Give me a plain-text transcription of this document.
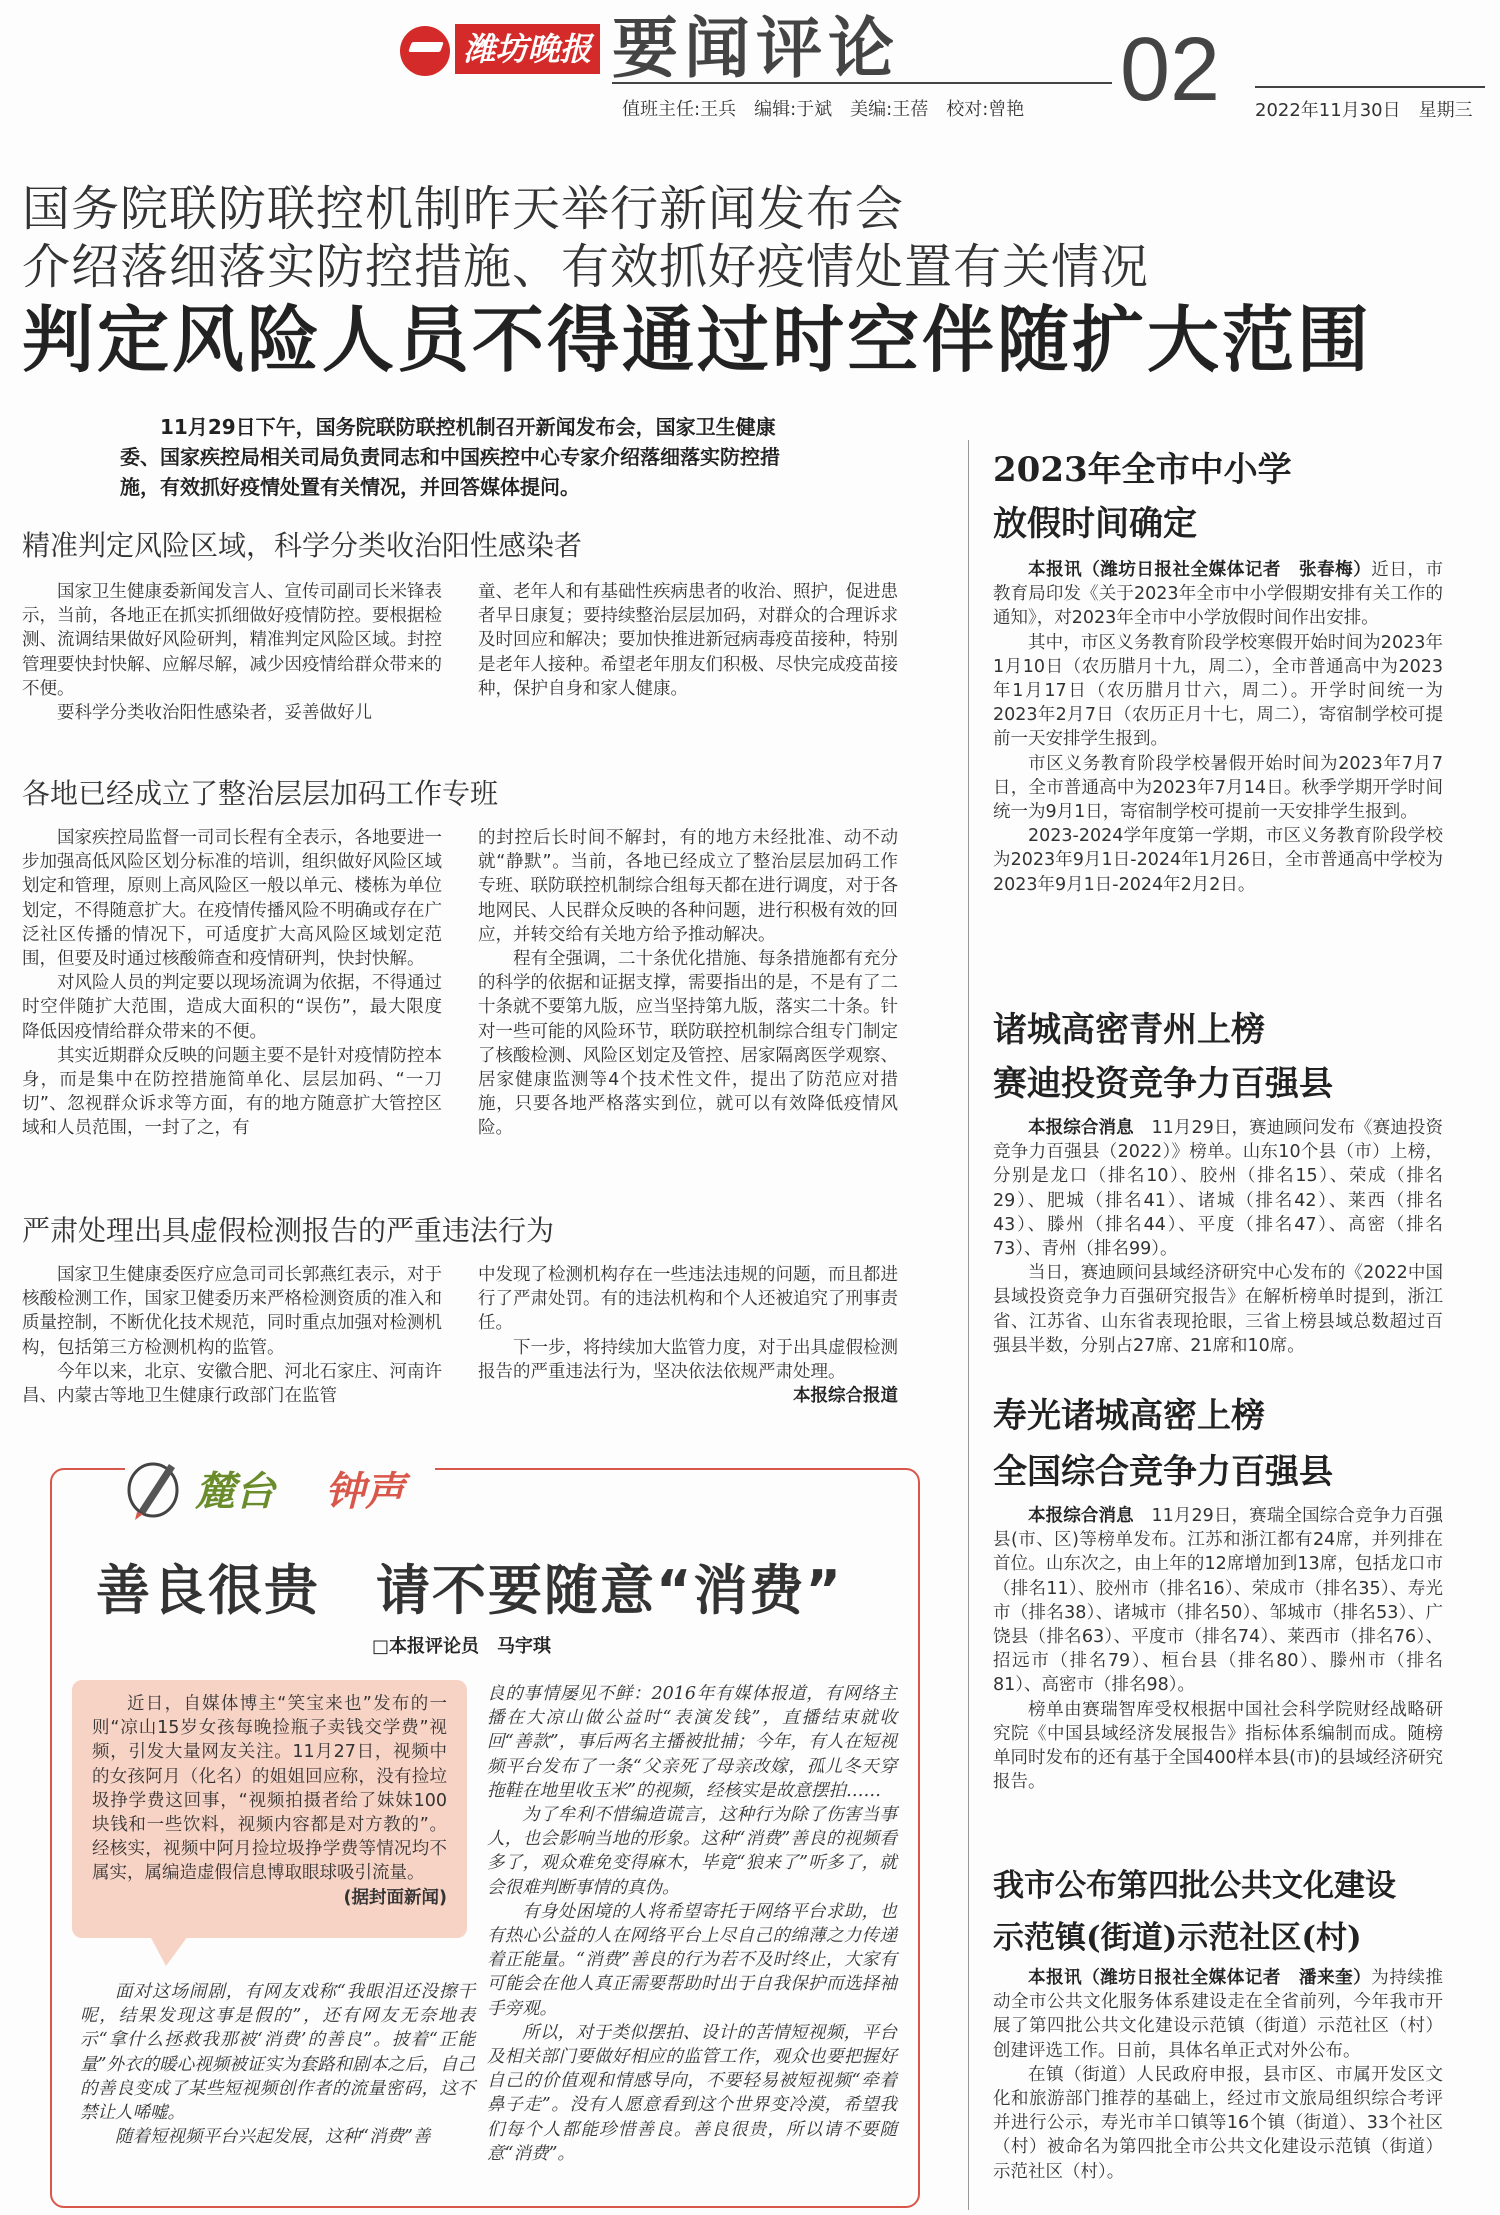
潍坊晚报 要闻评论
值班主任:王兵　编辑:于斌　美编:王蓓　校对:曾艳 02 2022年11月30日　星期三
国务院联防联控机制昨天举行新闻发布会
介绍落细落实防控措施、有效抓好疫情处置有关情况
判定风险人员不得通过时空伴随扩大范围
11月29日下午，国务院联防联控机制召开新闻发布会，国家卫生健康委、国家疾控局相关司局负责同志和中国疾控中心专家介绍落细落实防控措施，有效抓好疫情处置有关情况，并回答媒体提问。
精准判定风险区域，科学分类收治阳性感染者

国家卫生健康委新闻发言人、宣传司副司长米锋表示，当前，各地正在抓实抓细做好疫情防控。要根据检测、流调结果做好风险研判，精准判定风险区域。封控管理要快封快解、应解尽解，减少因疫情给群众带来的不便。

要科学分类收治阳性感染者，妥善做好儿

童、老年人和有基础性疾病患者的收治、照护，促进患者早日康复；要持续整治层层加码，对群众的合理诉求及时回应和解决；要加快推进新冠病毒疫苗接种，特别是老年人接种。希望老年朋友们积极、尽快完成疫苗接种，保护自身和家人健康。

各地已经成立了整治层层加码工作专班

国家疾控局监督一司司长程有全表示，各地要进一步加强高低风险区划分标准的培训，组织做好风险区域划定和管理，原则上高风险区一般以单元、楼栋为单位划定，不得随意扩大。在疫情传播风险不明确或存在广泛社区传播的情况下，可适度扩大高风险区域划定范围，但要及时通过核酸筛查和疫情研判，快封快解。

对风险人员的判定要以现场流调为依据，不得通过时空伴随扩大范围，造成大面积的“误伤”，最大限度降低因疫情给群众带来的不便。

其实近期群众反映的问题主要不是针对疫情防控本身，而是集中在防控措施简单化、层层加码、“一刀切”、忽视群众诉求等方面，有的地方随意扩大管控区域和人员范围，一封了之，有

的封控后长时间不解封，有的地方未经批准、动不动就“静默”。当前，各地已经成立了整治层层加码工作专班、联防联控机制综合组每天都在进行调度，对于各地网民、人民群众反映的各种问题，进行积极有效的回应，并转交给有关地方给予推动解决。

程有全强调，二十条优化措施、每条措施都有充分的科学的依据和证据支撑，需要指出的是，不是有了二十条就不要第九版，应当坚持第九版，落实二十条。针对一些可能的风险环节，联防联控机制综合组专门制定了核酸检测、风险区划定及管控、居家隔离医学观察、居家健康监测等4个技术性文件，提出了防范应对措施，只要各地严格落实到位，就可以有效降低疫情风险。

严肃处理出具虚假检测报告的严重违法行为

国家卫生健康委医疗应急司司长郭燕红表示，对于核酸检测工作，国家卫健委历来严格检测资质的准入和质量控制，不断优化技术规范，同时重点加强对检测机构，包括第三方检测机构的监管。

今年以来，北京、安徽合肥、河北石家庄、河南许昌、内蒙古等地卫生健康行政部门在监管

中发现了检测机构存在一些违法违规的问题，而且都进行了严肃处罚。有的违法机构和个人还被追究了刑事责任。

下一步，将持续加大监管力度，对于出具虚假检测报告的严重违法行为，坚决依法依规严肃处理。

本报综合报道
麓台 钟声
善良很贵　请不要随意“消费”
□本报评论员　马宇琪

近日，自媒体博主“笑宝来也”发布的一则“凉山15岁女孩每晚捡瓶子卖钱交学费”视频，引发大量网友关注。11月27日，视频中的女孩阿月（化名）的姐姐回应称，没有捡垃圾挣学费这回事，“视频拍摄者给了妹妹100块钱和一些饮料，视频内容都是对方教的”。经核实，视频中阿月捡垃圾挣学费等情况均不属实，属编造虚假信息博取眼球吸引流量。

(据封面新闻)

面对这场闹剧，有网友戏称“我眼泪还没擦干呢，结果发现这事是假的”，还有网友无奈地表示“拿什么拯救我那被‘消费’的善良”。披着“正能量”外衣的暖心视频被证实为套路和剧本之后，自己的善良变成了某些短视频创作者的流量密码，这不禁让人唏嘘。

随着短视频平台兴起发展，这种“消费”善

良的事情屡见不鲜：2016年有媒体报道，有网络主播在大凉山做公益时“表演发钱”，直播结束就收回“善款”，事后两名主播被批捕；今年，有人在短视频平台发布了一条“父亲死了母亲改嫁，孤儿冬天穿拖鞋在地里收玉米”的视频，经核实是故意摆拍……

为了牟利不惜编造谎言，这种行为除了伤害当事人，也会影响当地的形象。这种“消费”善良的视频看多了，观众难免变得麻木，毕竟“狼来了”听多了，就会很难判断事情的真伪。

有身处困境的人将希望寄托于网络平台求助，也有热心公益的人在网络平台上尽自己的绵薄之力传递着正能量。“消费”善良的行为若不及时终止，大家有可能会在他人真正需要帮助时出于自我保护而选择袖手旁观。

所以，对于类似摆拍、设计的苦情短视频，平台及相关部门要做好相应的监管工作，观众也要把握好自己的价值观和情感导向，不要轻易被短视频“牵着鼻子走”。没有人愿意看到这个世界变冷漠，希望我们每个人都能珍惜善良。善良很贵，所以请不要随意“消费”。

2023年全市中小学
放假时间确定

本报讯（潍坊日报社全媒体记者　张春梅）近日，市教育局印发《关于2023年全市中小学假期安排有关工作的通知》，对2023年全市中小学放假时间作出安排。

其中，市区义务教育阶段学校寒假开始时间为2023年1月10日（农历腊月十九，周二），全市普通高中为2023年1月17日（农历腊月廿六，周二）。开学时间统一为2023年2月7日（农历正月十七，周二），寄宿制学校可提前一天安排学生报到。

市区义务教育阶段学校暑假开始时间为2023年7月7日，全市普通高中为2023年7月14日。秋季学期开学时间统一为9月1日，寄宿制学校可提前一天安排学生报到。

2023-2024学年度第一学期，市区义务教育阶段学校为2023年9月1日-2024年1月26日，全市普通高中学校为2023年9月1日-2024年2月2日。

诸城高密青州上榜
赛迪投资竞争力百强县

本报综合消息　 11月29日，赛迪顾问发布《赛迪投资竞争力百强县（2022）》榜单。山东10个县（市）上榜，分别是龙口（排名10）、胶州（排名15）、荣成（排名29）、肥城（排名41）、诸城（排名42）、莱西（排名43）、滕州（排名44）、平度（排名47）、高密（排名73）、青州（排名99）。

当日，赛迪顾问县域经济研究中心发布的《2022中国县域投资竞争力百强研究报告》在解析榜单时提到，浙江省、江苏省、山东省表现抢眼，三省上榜县域总数超过百强县半数，分别占27席、21席和10席。

寿光诸城高密上榜
全国综合竞争力百强县

本报综合消息　 11月29日，赛瑞全国综合竞争力百强县(市、区)等榜单发布。江苏和浙江都有24席，并列排在首位。山东次之，由上年的12席增加到13席，包括龙口市（排名11）、胶州市（排名16）、荣成市（排名35）、寿光市（排名38）、诸城市（排名50）、邹城市（排名53）、广饶县（排名63）、平度市（排名74）、莱西市（排名76）、招远市（排名79）、桓台县（排名80）、滕州市（排名81）、高密市（排名98）。

榜单由赛瑞智库受权根据中国社会科学院财经战略研究院《中国县域经济发展报告》指标体系编制而成。随榜单同时发布的还有基于全国400样本县(市)的县域经济研究报告。

我市公布第四批公共文化建设
示范镇(街道)示范社区(村)

本报讯（潍坊日报社全媒体记者　潘来奎）为持续推动全市公共文化服务体系建设走在全省前列，今年我市开展了第四批公共文化建设示范镇（街道）示范社区（村）创建评选工作。日前，具体名单正式对外公布。

在镇（街道）人民政府申报，县市区、市属开发区文化和旅游部门推荐的基础上，经过市文旅局组织综合考评并进行公示，寿光市羊口镇等16个镇（街道）、33个社区（村）被命名为第四批全市公共文化建设示范镇（街道）示范社区（村）。
